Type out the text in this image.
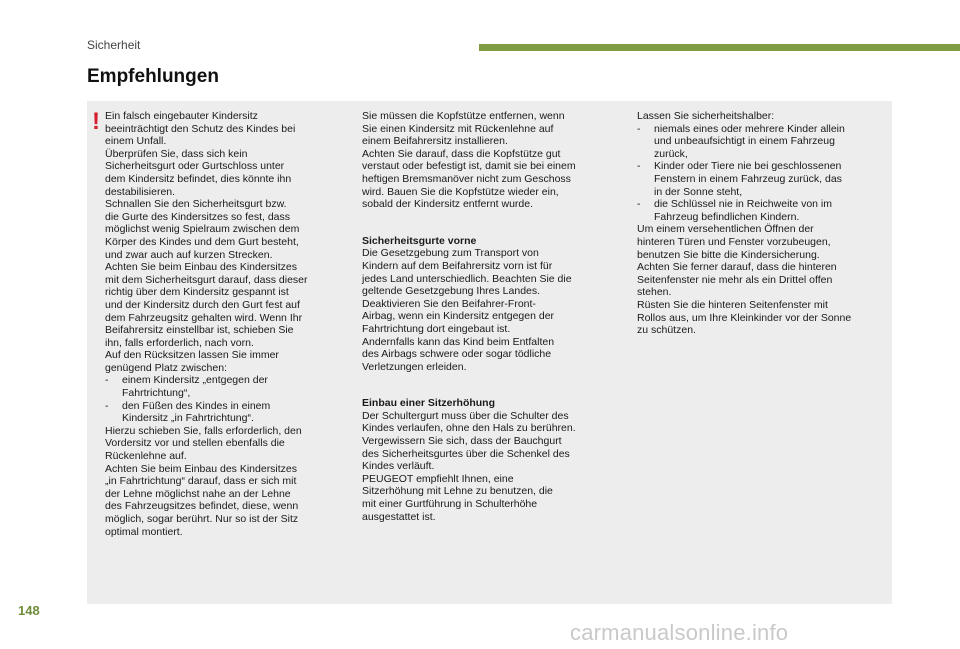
Sicherheit
Empfehlungen
! Ein falsch eingebauter Kindersitz
beeinträchtigt den Schutz des Kindes bei
einem Unfall.
Überprüfen Sie, dass sich kein
Sicherheitsgurt oder Gurtschloss unter
dem Kindersitz befindet, dies könnte ihn
destabilisieren.
Schnallen Sie den Sicherheitsgurt bzw.
die Gurte des Kindersitzes so fest, dass
möglichst wenig Spielraum zwischen dem
Körper des Kindes und dem Gurt besteht,
und zwar auch auf kurzen Strecken.
Achten Sie beim Einbau des Kindersitzes
mit dem Sicherheitsgurt darauf, dass dieser
richtig über dem Kindersitz gespannt ist
und der Kindersitz durch den Gurt fest auf
dem Fahrzeugsitz gehalten wird. Wenn Ihr
Beifahrersitz einstellbar ist, schieben Sie
ihn, falls erforderlich, nach vorn.
Auf den Rücksitzen lassen Sie immer
genügend Platz zwischen:
- einem Kindersitz „entgegen der
Fahrtrichtung“,
- den Füßen des Kindes in einem
Kindersitz „in Fahrtrichtung“.
Hierzu schieben Sie, falls erforderlich, den
Vordersitz vor und stellen ebenfalls die
Rückenlehne auf.
Achten Sie beim Einbau des Kindersitzes
„in Fahrtrichtung“ darauf, dass er sich mit
der Lehne möglichst nahe an der Lehne
des Fahrzeugsitzes befindet, diese, wenn
möglich, sogar berührt. Nur so ist der Sitz
optimal montiert.
Sie müssen die Kopfstütze entfernen, wenn
Sie einen Kindersitz mit Rückenlehne auf
einem Beifahrersitz installieren.
Achten Sie darauf, dass die Kopfstütze gut
verstaut oder befestigt ist, damit sie bei einem
heftigen Bremsmanöver nicht zum Geschoss
wird. Bauen Sie die Kopfstütze wieder ein,
sobald der Kindersitz entfernt wurde.
Sicherheitsgurte vorne
Die Gesetzgebung zum Transport von
Kindern auf dem Beifahrersitz vorn ist für
jedes Land unterschiedlich. Beachten Sie die
geltende Gesetzgebung Ihres Landes.
Deaktivieren Sie den Beifahrer-Front-
Airbag, wenn ein Kindersitz entgegen der
Fahrtrichtung dort eingebaut ist.
Andernfalls kann das Kind beim Entfalten
des Airbags schwere oder sogar tödliche
Verletzungen erleiden.
Einbau einer Sitzerhöhung
Der Schultergurt muss über die Schulter des
Kindes verlaufen, ohne den Hals zu berühren.
Vergewissern Sie sich, dass der Bauchgurt
des Sicherheitsgurtes über die Schenkel des
Kindes verläuft.
PEUGEOT empfiehlt Ihnen, eine
Sitzerhöhung mit Lehne zu benutzen, die
mit einer Gurtführung in Schulterhöhe
ausgestattet ist.
Lassen Sie sicherheitshalber:
- niemals eines oder mehrere Kinder allein
und unbeaufsichtigt in einem Fahrzeug
zurück,
- Kinder oder Tiere nie bei geschlossenen
Fenstern in einem Fahrzeug zurück, das
in der Sonne steht,
- die Schlüssel nie in Reichweite von im
Fahrzeug befindlichen Kindern.
Um einem versehentlichen Öffnen der
hinteren Türen und Fenster vorzubeugen,
benutzen Sie bitte die Kindersicherung.
Achten Sie ferner darauf, dass die hinteren
Seitenfenster nie mehr als ein Drittel offen
stehen.
Rüsten Sie die hinteren Seitenfenster mit
Rollos aus, um Ihre Kleinkinder vor der Sonne
zu schützen.
148
carmanualsonline.info
